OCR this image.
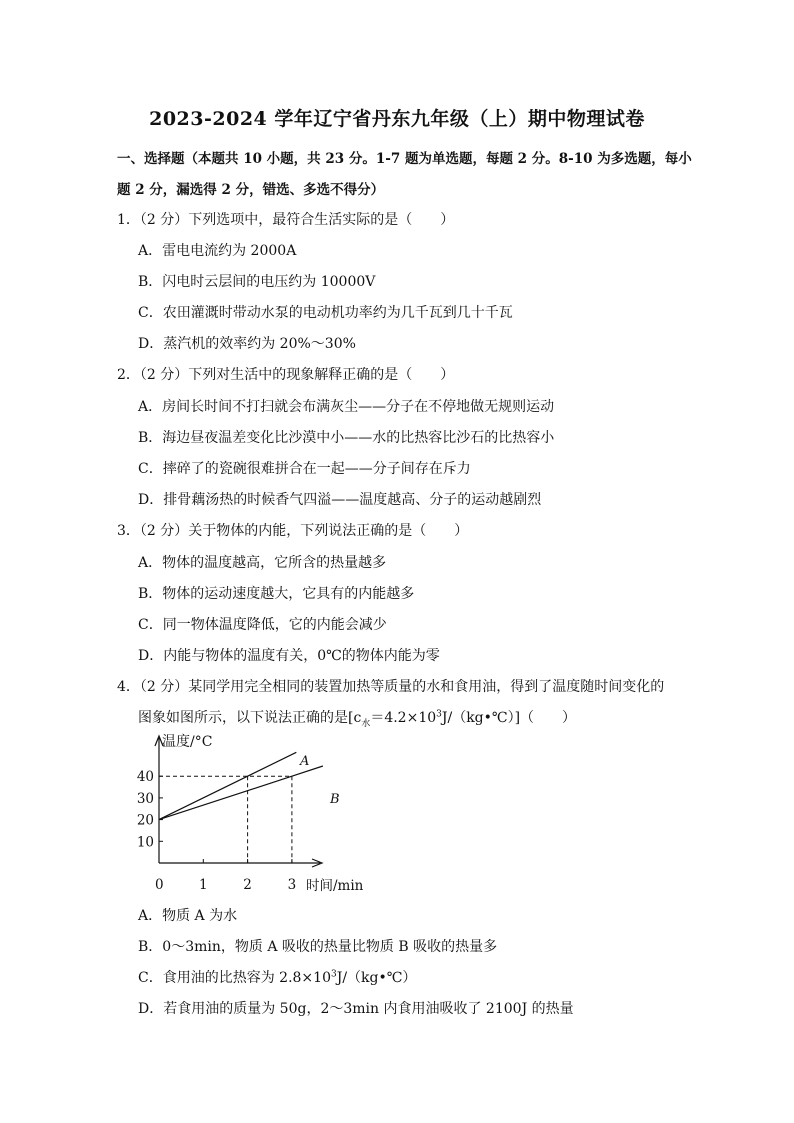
2023-2024 学年辽宁省丹东九年级（上）期中物理试卷
一、选择题（本题共 10 小题，共 23 分。1-7 题为单选题，每题 2 分。8-10 为多选题，每小
题 2 分，漏选得 2 分，错选、多选不得分）
1．（2 分）下列选项中，最符合生活实际的是（　　）
A．雷电电流约为 2000A
B．闪电时云层间的电压约为 10000V
C．农田灌溉时带动水泵的电动机功率约为几千瓦到几十千瓦
D．蒸汽机的效率约为 20%～30%
2．（2 分）下列对生活中的现象解释正确的是（　　）
A．房间长时间不打扫就会布满灰尘——分子在不停地做无规则运动
B．海边昼夜温差变化比沙漠中小——水的比热容比沙石的比热容小
C．摔碎了的瓷碗很难拼合在一起——分子间存在斥力
D．排骨藕汤热的时候香气四溢——温度越高、分子的运动越剧烈
3．（2 分）关于物体的内能，下列说法正确的是（　　）
A．物体的温度越高，它所含的热量越多
B．物体的运动速度越大，它具有的内能越多
C．同一物体温度降低，它的内能会减少
D．内能与物体的温度有关，0℃的物体内能为零
4．（2 分）某同学用完全相同的装置加热等质量的水和食用油，得到了温度随时间变化的
图象如图所示，以下说法正确的是$[c_水=4.2\times 10^3J/(kg•℃)]$（　　）
10
20
30
40
1	2	3
温度/°C
时间/min
0
A
B
A．物质 A 为水
B．0～3min，物质 A 吸收的热量比物质 B 吸收的热量多
C．食用油的比热容为 $2.8\times 10^3J/(kg•℃)$
D．若食用油的质量为 50g，2～3min 内食用油吸收了 2100J 的热量
